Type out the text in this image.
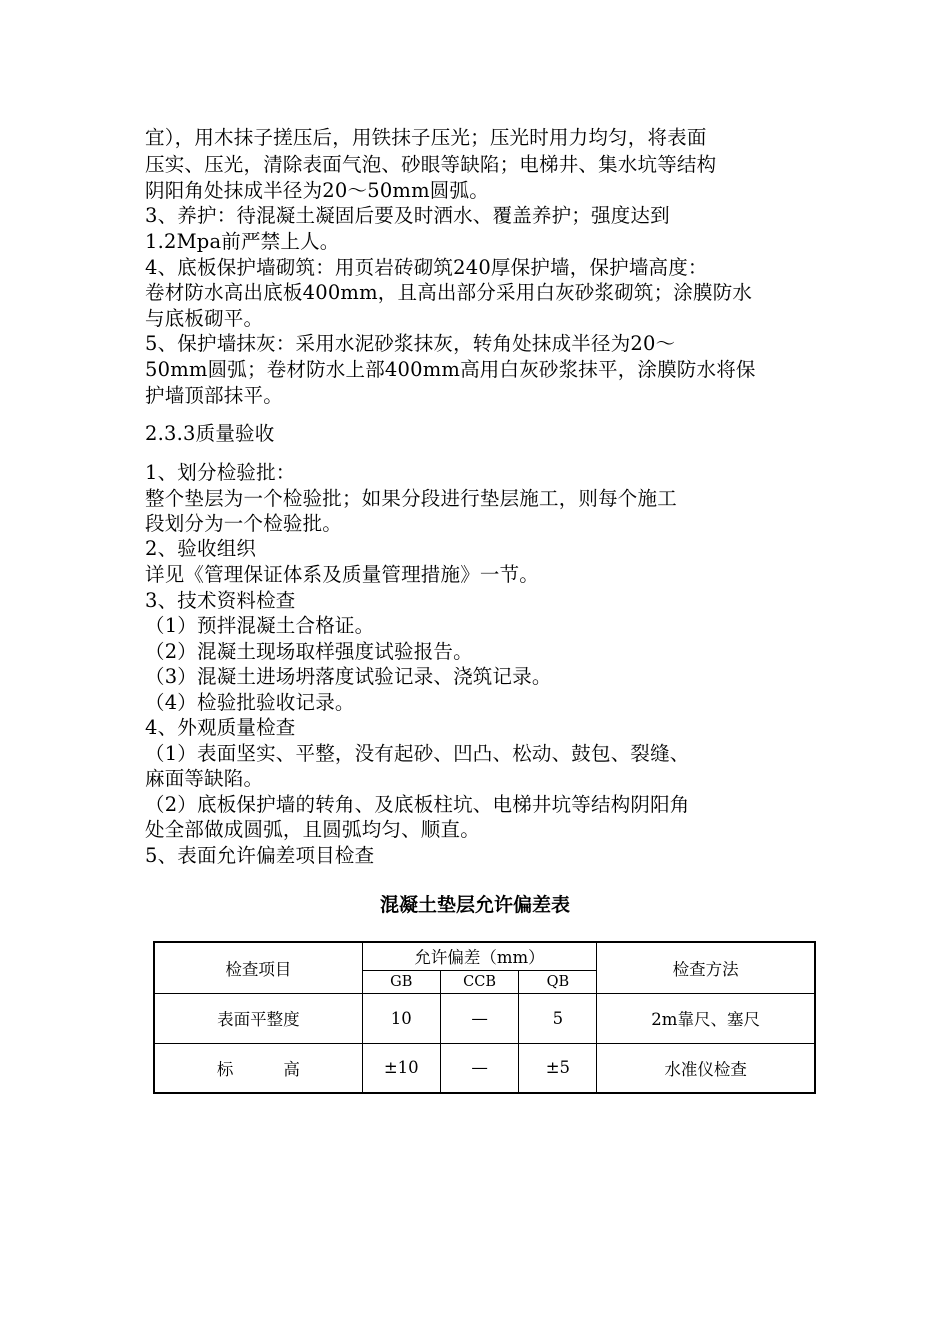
宜），用木抹子搓压后，用铁抹子压光；压光时用力均匀，将表面
压实、压光，清除表面气泡、砂眼等缺陷；电梯井、集水坑等结构
阴阳角处抹成半径为20～50mm圆弧。
3、养护：待混凝土凝固后要及时洒水、覆盖养护；强度达到
1.2Mpa前严禁上人。
4、底板保护墙砌筑：用页岩砖砌筑240厚保护墙，保护墙高度：
卷材防水高出底板400mm，且高出部分采用白灰砂浆砌筑；涂膜防水
与底板砌平。
5、保护墙抹灰：采用水泥砂浆抹灰，转角处抹成半径为20～
50mm圆弧；卷材防水上部400mm高用白灰砂浆抹平，涂膜防水将保
护墙顶部抹平。
2.3.3质量验收
1、划分检验批：
整个垫层为一个检验批；如果分段进行垫层施工，则每个施工
段划分为一个检验批。
2、验收组织
详见《管理保证体系及质量管理措施》一节。
3、技术资料检查
（1）预拌混凝土合格证。
（2）混凝土现场取样强度试验报告。
（3）混凝土进场坍落度试验记录、浇筑记录。
（4）检验批验收记录。
4、外观质量检查
（1）表面坚实、平整，没有起砂、凹凸、松动、鼓包、裂缝、
麻面等缺陷。
（2）底板保护墙的转角、及底板柱坑、电梯井坑等结构阴阳角
处全部做成圆弧，且圆弧均匀、顺直。
5、表面允许偏差项目检查
混凝土垫层允许偏差表
检查项目	允许偏差（mm）			检查方法
	GB	CCB	QB	
表面平整度	10	—	5	2m靠尺、塞尺
标 高	±10	—	±5	水准仪检查
